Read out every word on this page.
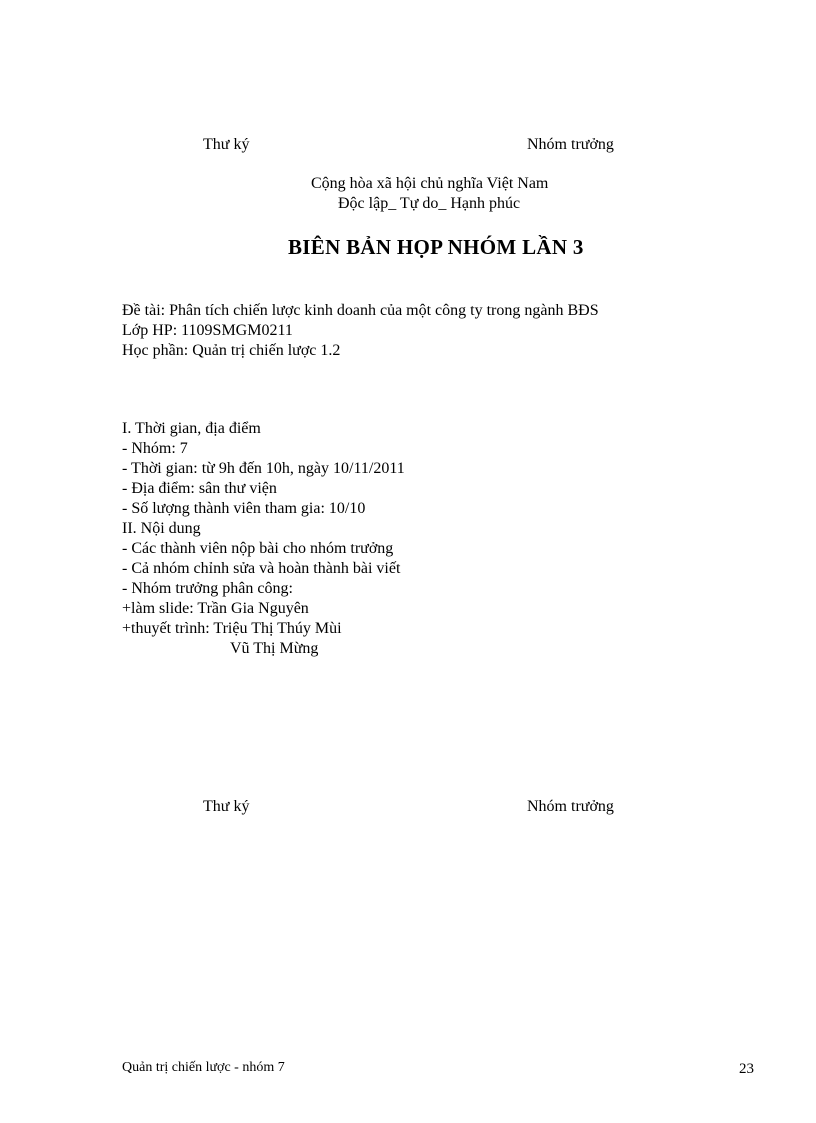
Thư ký	Nhóm trưởng
Cộng hòa xã hội chủ nghĩa Việt Nam
Độc lập_ Tự do_ Hạnh phúc
BIÊN BẢN HỌP NHÓM LẦN 3
Đề tài: Phân tích chiến lược kinh doanh của một công ty trong ngành BĐS
Lớp HP: 1109SMGM0211
Học phần: Quản trị chiến lược 1.2
I. Thời gian, địa điểm
- Nhóm: 7
- Thời gian: từ 9h đến 10h, ngày 10/11/2011
- Địa điểm: sân thư viện
- Số lượng thành viên tham gia: 10/10
II. Nội dung
- Các thành viên nộp bài cho nhóm trưởng
- Cả nhóm chỉnh sửa và hoàn thành bài viết
- Nhóm trưởng phân công:
+làm slide: Trần Gia Nguyên
+thuyết trình: Triệu Thị Thúy Mùi
Vũ Thị Mừng
Thư ký	Nhóm trưởng
Quản trị chiến lược - nhóm 7	23
